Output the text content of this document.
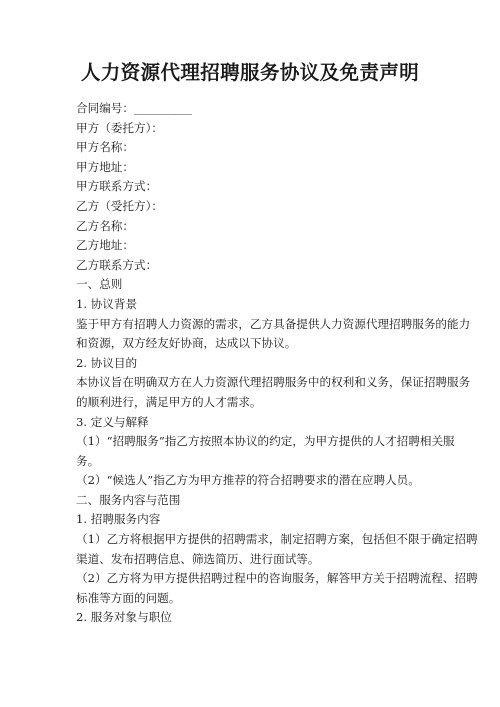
人力资源代理招聘服务协议及免责声明
合同编号：__________
甲方（委托方）：
甲方名称：
甲方地址：
甲方联系方式：
乙方（受托方）：
乙方名称：
乙方地址：
乙方联系方式：
一、总则
1. 协议背景
鉴于甲方有招聘人力资源的需求，乙方具备提供人力资源代理招聘服务的能力
和资源，双方经友好协商，达成以下协议。
2. 协议目的
本协议旨在明确双方在人力资源代理招聘服务中的权利和义务，保证招聘服务
的顺利进行，满足甲方的人才需求。
3. 定义与解释
（1）“招聘服务”指乙方按照本协议的约定，为甲方提供的人才招聘相关服
务。
（2）“候选人”指乙方为甲方推荐的符合招聘要求的潜在应聘人员。
二、服务内容与范围
1. 招聘服务内容
（1）乙方将根据甲方提供的招聘需求，制定招聘方案，包括但不限于确定招聘
渠道、发布招聘信息、筛选简历、进行面试等。
（2）乙方将为甲方提供招聘过程中的咨询服务，解答甲方关于招聘流程、招聘
标准等方面的问题。
2. 服务对象与职位
